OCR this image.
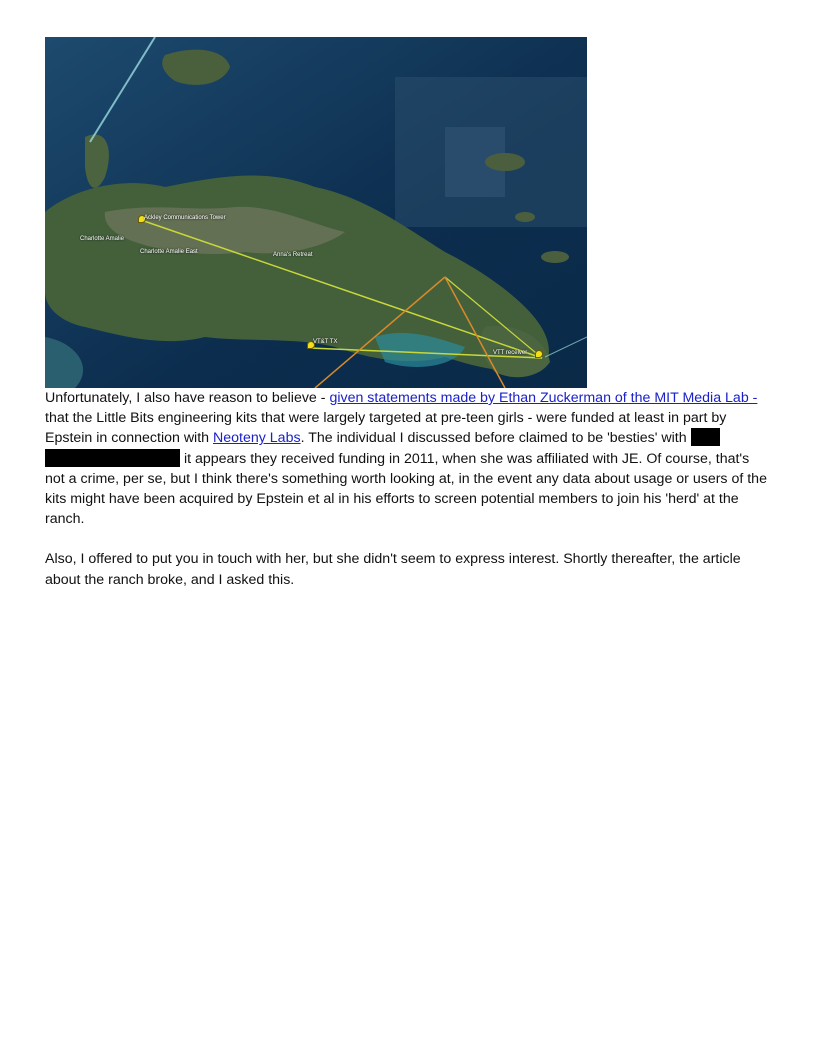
Ackley Communications Tower
Charlotte Amalie
Charlotte Amalie East	Anna's Retreat
VT&T TX
VTT receiver

Unfortunately, I also have reason to believe - given statements made by Ethan Zuckerman of the MIT Media Lab - that the Little Bits engineering kits that were largely targeted at pre-teen girls - were funded at least in part by Epstein in connection with Neoteny Labs. The individual I discussed before claimed to be 'besties' with
it appears they received funding in 2011, when she was affiliated with JE. Of course, that's not a crime, per se, but I think there's something worth looking at, in the event any data about usage or users of the kits might have been acquired by Epstein et al in his efforts to screen potential members to join his 'herd' at the ranch.

Also, I offered to put you in touch with her, but she didn't seem to express interest. Shortly thereafter, the article about the ranch broke, and I asked this.
